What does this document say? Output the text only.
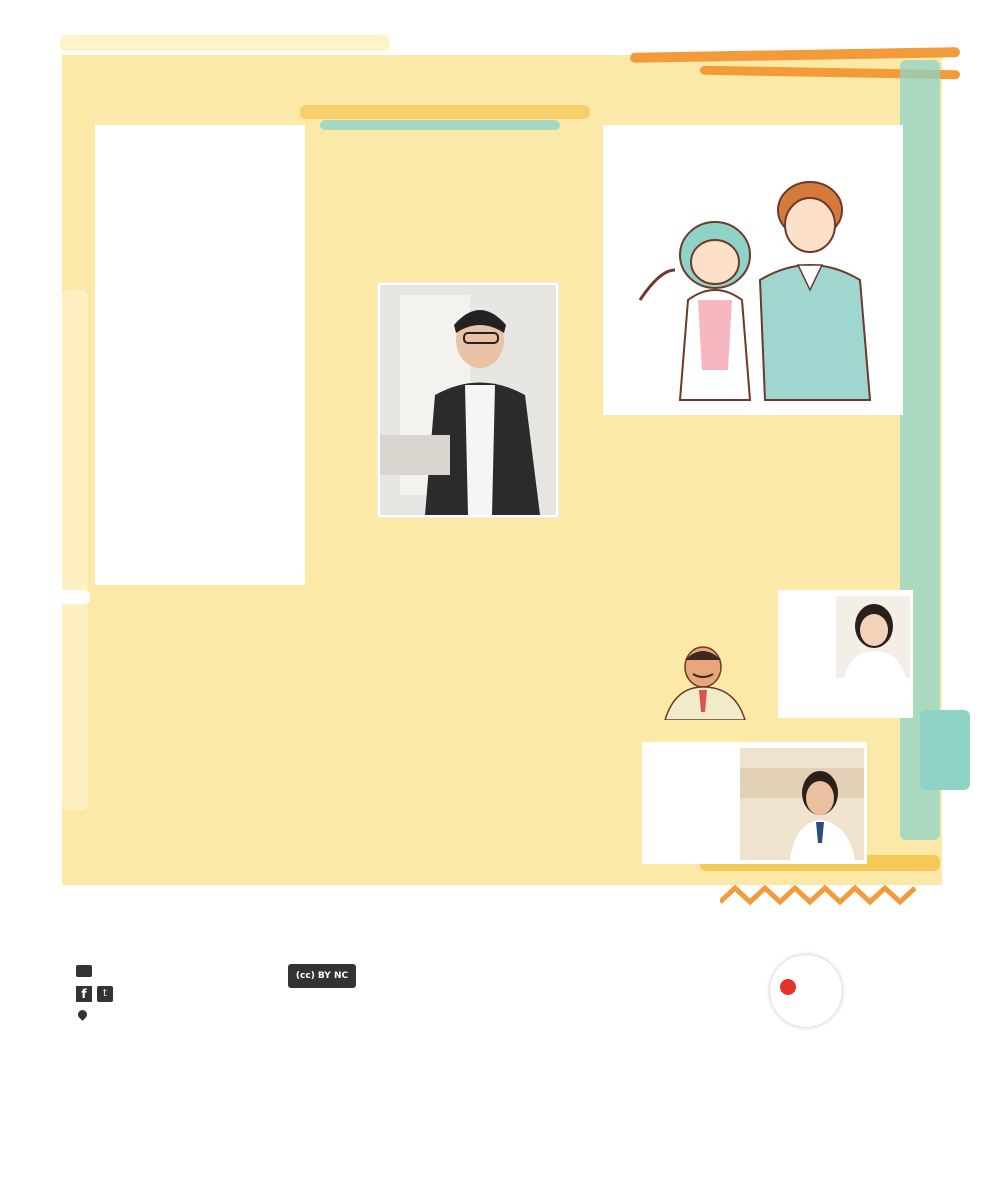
f	t
(cc) BY NC SA
